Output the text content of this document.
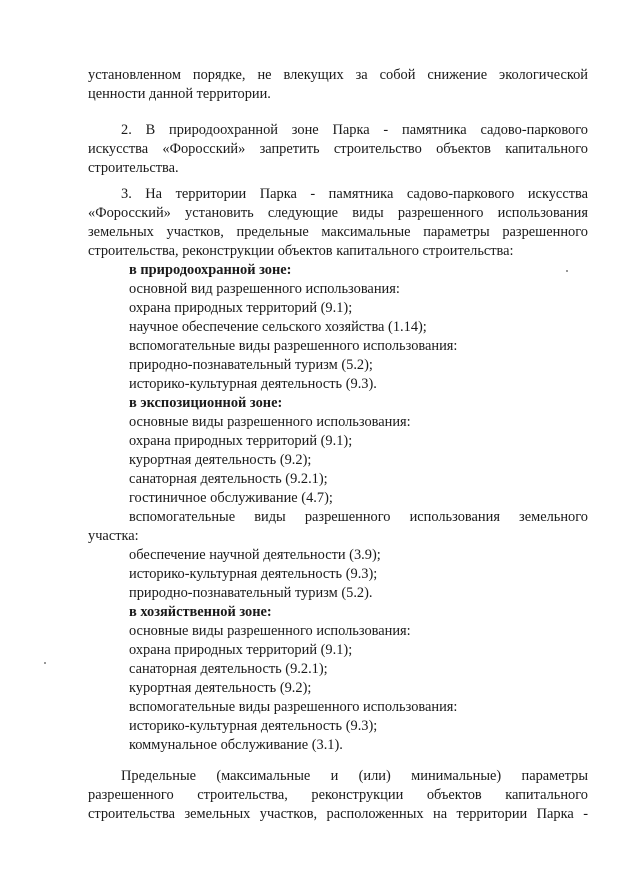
установленном порядке, не влекущих за собой снижение экологической

ценности данной территории.

2. В природоохранной зоне Парка - памятника садово-паркового

искусства «Форосский» запретить строительство объектов капитального

строительства.

3. На территории Парка - памятника садово-паркового искусства

«Форосский» установить следующие виды разрешенного использования

земельных участков, предельные максимальные параметры разрешенного

строительства, реконструкции объектов капитального строительства:

в природоохранной зоне:

основной вид разрешенного использования:

охрана природных территорий (9.1);

научное обеспечение сельского хозяйства (1.14);

вспомогательные виды разрешенного использования:

природно-познавательный туризм (5.2);

историко-культурная деятельность (9.3).

в экспозиционной зоне:

основные виды разрешенного использования:

охрана природных территорий (9.1);

курортная деятельность (9.2);

санаторная деятельность (9.2.1);

гостиничное обслуживание (4.7);

вспомогательные виды разрешенного использования земельного

участка:

обеспечение научной деятельности (3.9);

историко-культурная деятельность (9.3);

природно-познавательный туризм (5.2).

в хозяйственной зоне:

основные виды разрешенного использования:

охрана природных территорий (9.1);

санаторная деятельность (9.2.1);

курортная деятельность (9.2);

вспомогательные виды разрешенного использования:

историко-культурная деятельность (9.3);

коммунальное обслуживание (3.1).

Предельные (максимальные и (или) минимальные) параметры

разрешенного строительства, реконструкции объектов капитального

строительства земельных участков, расположенных на территории Парка -
